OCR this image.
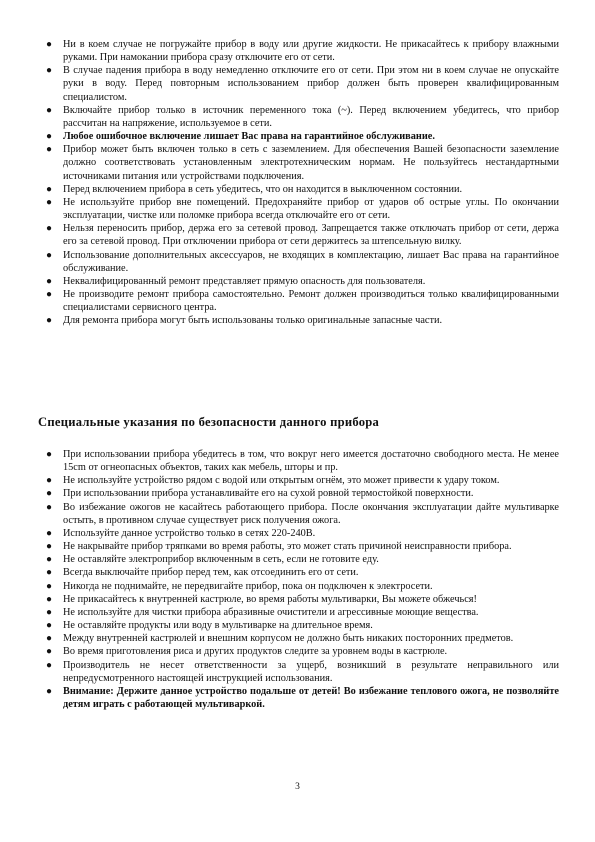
● Ни в коем случае не погружайте прибор в воду или другие жидкости. Не прикасайтесь к прибору влажными руками. При намокании прибора сразу отключите его от сети.
● В случае падения прибора в воду немедленно отключите его от сети. При этом ни в коем случае не опускайте руки в воду. Перед повторным использованием прибор должен быть проверен квалифицированным специалистом.
● Включайте прибор только в источник переменного тока (~). Перед включением убедитесь, что прибор рассчитан на напряжение, используемое в сети.
● Любое ошибочное включение лишает Вас права на гарантийное обслуживание.
● Прибор может быть включен только в сеть с заземлением. Для обеспечения Вашей безопасности заземление должно соответствовать установленным электротехническим нормам. Не пользуйтесь нестандартными источниками питания или устройствами подключения.
● Перед включением прибора в сеть убедитесь, что он находится в выключенном состоянии.
● Не используйте прибор вне помещений. Предохраняйте прибор от ударов об острые углы. По окончании эксплуатации, чистке или поломке прибора всегда отключайте его от сети.
● Нельзя переносить прибор, держа его за сетевой провод. Запрещается также отключать прибор от сети, держа его за сетевой провод. При отключении прибора от сети держитесь за штепсельную вилку.
● Использование дополнительных аксессуаров, не входящих в комплектацию, лишает Вас права на гарантийное обслуживание.
● Неквалифицированный ремонт представляет прямую опасность для пользователя.
● Не производите ремонт прибора самостоятельно. Ремонт должен производиться только квалифицированными специалистами сервисного центра.
● Для ремонта прибора могут быть использованы только оригинальные запасные части.
Специальные указания по безопасности данного прибора
● При использовании прибора убедитесь в том, что вокруг него имеется достаточно свободного места. Не менее 15cm от огнеопасных объектов, таких как мебель, шторы и пр.
● Не используйте устройство рядом с водой или открытым огнём, это может привести к удару током.
● При использовании прибора устанавливайте его на сухой ровной термостойкой поверхности.
● Во избежание ожогов не касайтесь работающего прибора. После окончания эксплуатации дайте мультиварке остыть, в противном случае существует риск получения ожога.
● Используйте данное устройство только в сетях 220-240В.
● Не накрывайте прибор тряпками во время работы, это может стать причиной неисправности прибора.
● Не оставляйте электроприбор включенным в сеть, если не готовите еду.
● Всегда выключайте прибор перед тем, как отсоединить его от сети.
● Никогда не поднимайте, не передвигайте прибор, пока он подключен к электросети.
● Не прикасайтесь к внутренней кастрюле, во время работы мультиварки, Вы можете обжечься!
● Не используйте для чистки прибора абразивные очистители и агрессивные моющие вещества.
● Не оставляйте продукты или воду в мультиварке на длительное время.
● Между внутренней кастрюлей и внешним корпусом не должно быть никаких посторонних предметов.
● Во время приготовления риса и других продуктов следите за уровнем воды в кастрюле.
● Производитель не несет ответственности за ущерб, возникший в результате неправильного или непредусмотренного настоящей инструкцией использования.
● Внимание: Держите данное устройство подальше от детей! Во избежание теплового ожога, не позволяйте детям играть с работающей мультиваркой.

3
